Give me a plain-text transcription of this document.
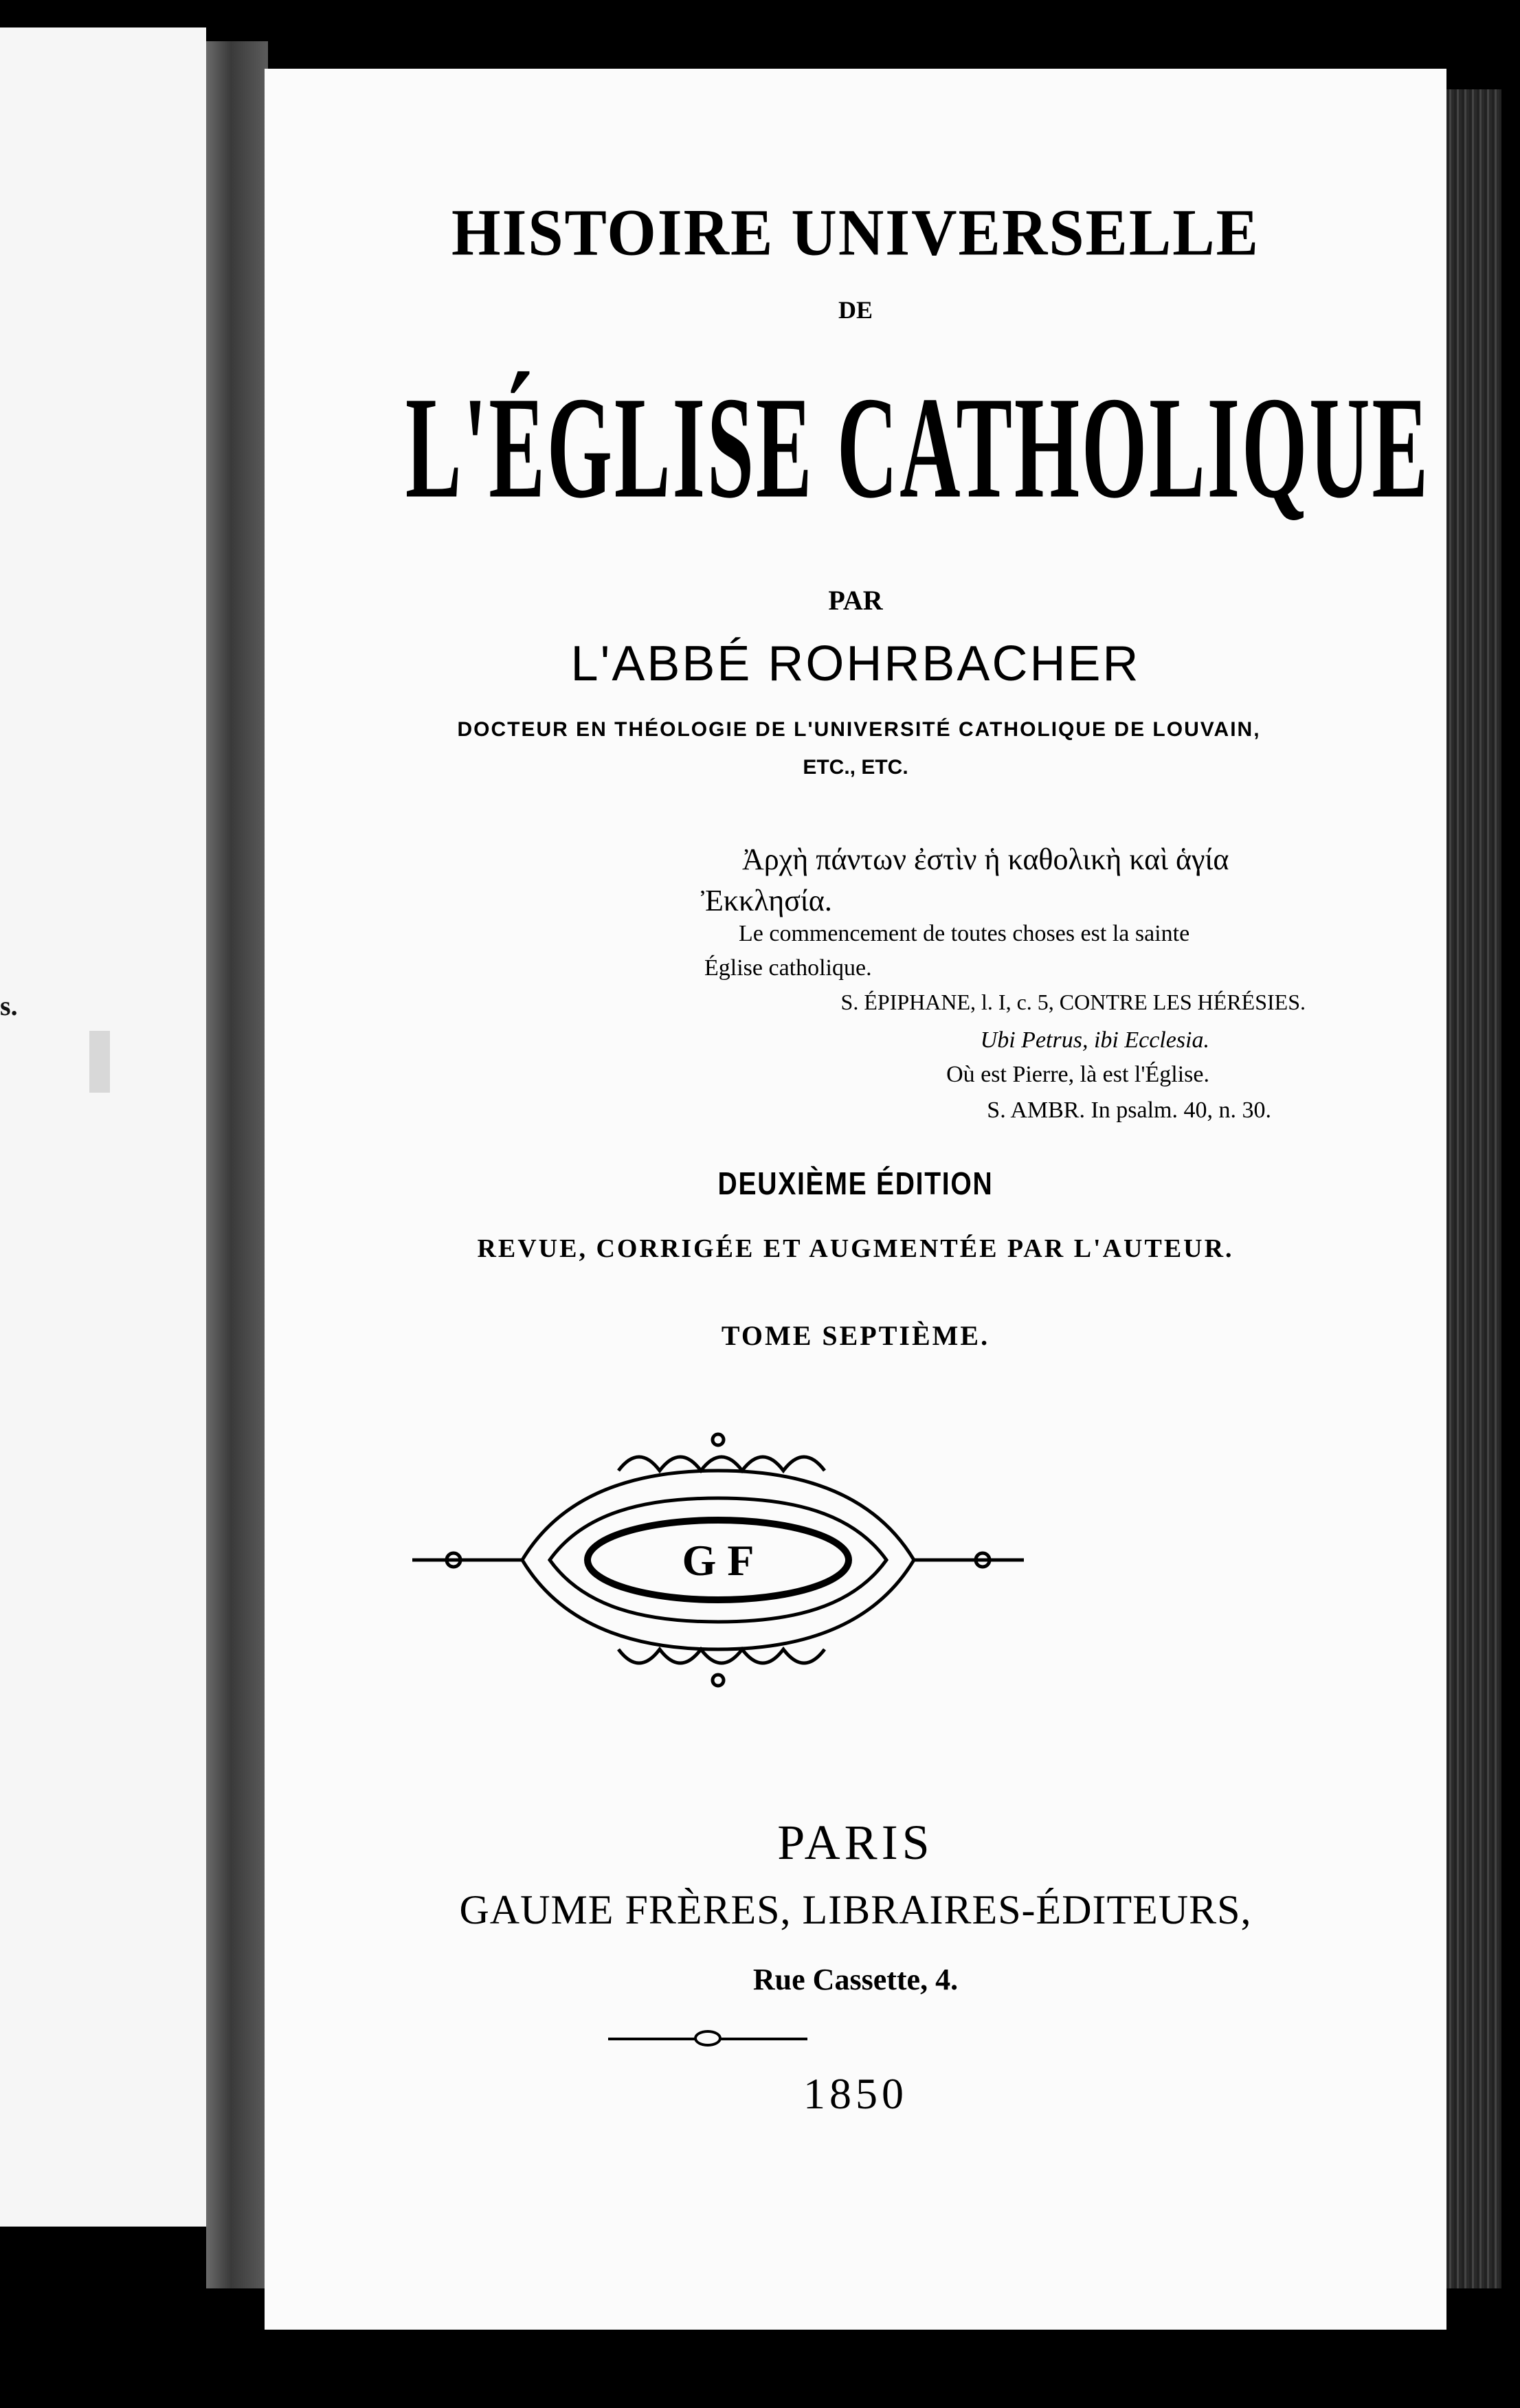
s.
HISTOIRE UNIVERSELLE
DE
L'ÉGLISE CATHOLIQUE
PAR
L'ABBÉ ROHRBACHER
DOCTEUR EN THÉOLOGIE DE L'UNIVERSITÉ CATHOLIQUE DE LOUVAIN,
ETC., ETC.
Ἀρχὴ πάντων ἐστὶν ἡ καθολικὴ καὶ ἁγία
Ἐκκλησία.
Le commencement de toutes choses est la sainte
Église catholique.
S. ÉPIPHANE, l. I, c. 5, CONTRE LES HÉRÉSIES.
Ubi Petrus, ibi Ecclesia.
Où est Pierre, là est l'Église.
S. AMBR. In psalm. 40, n. 30.
DEUXIÈME ÉDITION
REVUE, CORRIGÉE ET AUGMENTÉE PAR L'AUTEUR.
TOME SEPTIÈME.
G F
PARIS
GAUME FRÈRES, LIBRAIRES-ÉDITEURS,
Rue Cassette, 4.
1850
